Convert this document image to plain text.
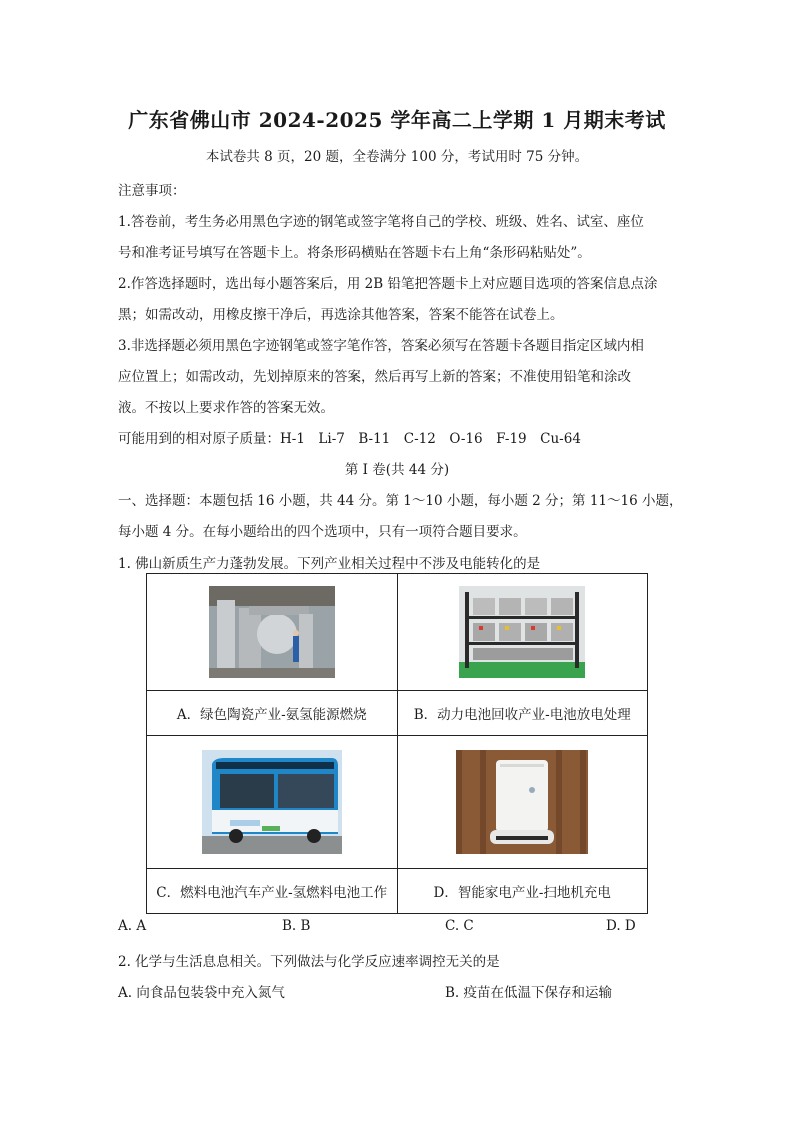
广东省佛山市 2024-2025 学年高二上学期 1 月期末考试
本试卷共 8 页，20 题，全卷满分 100 分，考试用时 75 分钟。
注意事项：
1.答卷前，考生务必用黑色字迹的钢笔或签字笔将自己的学校、班级、姓名、试室、座位
号和准考证号填写在答题卡上。将条形码横贴在答题卡右上角“条形码粘贴处”。
2.作答选择题时，选出每小题答案后，用 2B 铅笔把答题卡上对应题目选项的答案信息点涂
黑；如需改动，用橡皮擦干净后，再选涂其他答案，答案不能答在试卷上。
3.非选择题必须用黑色字迹钢笔或签字笔作答，答案必须写在答题卡各题目指定区域内相
应位置上；如需改动，先划掉原来的答案，然后再写上新的答案；不准使用铅笔和涂改
液。不按以上要求作答的答案无效。
可能用到的相对原子质量：H-1　Li-7　B-11　C-12　O-16　F-19　Cu-64
第 I 卷(共 44 分)
一、选择题：本题包括 16 小题，共 44 分。第 1～10 小题，每小题 2 分；第 11～16 小题，
每小题 4 分。在每小题给出的四个选项中，只有一项符合题目要求。
1. 佛山新质生产力蓬勃发展。下列产业相关过程中不涉及电能转化的是

A．绿色陶瓷产业-氨氢能源燃烧	B．动力电池回收产业-电池放电处理

C．燃料电池汽车产业-氢燃料电池工作	D．智能家电产业-扫地机充电
A. A	B. B	C. C	D. D
2. 化学与生活息息相关。下列做法与化学反应速率调控无关的是
A. 向食品包装袋中充入氮气	B. 疫苗在低温下保存和运输
